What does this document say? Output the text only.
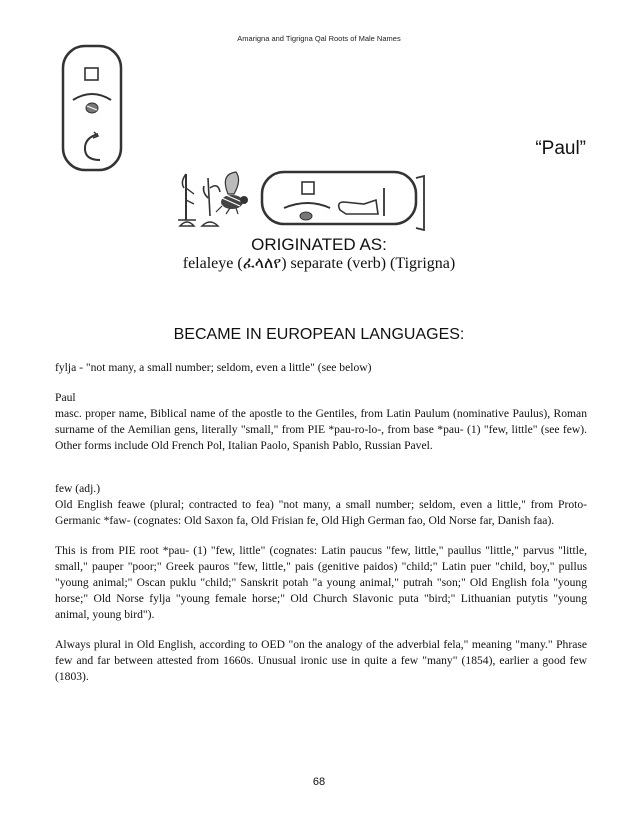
Amarigna and Tigrigna Qal Roots of Male Names
“Paul”
ORIGINATED AS:
felaleye (ፈላለየ) separate (verb) (Tigrigna)
BECAME IN EUROPEAN LANGUAGES:

fylja - "not many, a small number; seldom, even a little" (see below)

Paul

masc. proper name, Biblical name of the apostle to the Gentiles, from Latin Paulum (nominative Paulus), Roman surname of the Aemilian gens, literally "small," from PIE *pau-ro-lo-, from base *pau- (1) "few, little" (see few). Other forms include Old French Pol, Italian Paolo, Spanish Pablo, Russian Pavel.

few (adj.)

Old English feawe (plural; contracted to fea) "not many, a small number; seldom, even a little," from Proto-Germanic *faw- (cognates: Old Saxon fa, Old Frisian fe, Old High German fao, Old Norse far, Danish faa).

This is from PIE root *pau- (1) "few, little" (cognates: Latin paucus "few, little," paullus "little," parvus "little, small," pauper "poor;" Greek pauros "few, little," pais (genitive paidos) "child;" Latin puer "child, boy," pullus "young animal;" Oscan puklu "child;" Sanskrit potah "a young animal," putrah "son;" Old English fola "young horse;" Old Norse fylja "young female horse;" Old Church Slavonic puta "bird;" Lithuanian putytis "young animal, young bird").

Always plural in Old English, according to OED "on the analogy of the adverbial fela," meaning "many." Phrase few and far between attested from 1660s. Unusual ironic use in quite a few "many" (1854), earlier a good few (1803).

68
